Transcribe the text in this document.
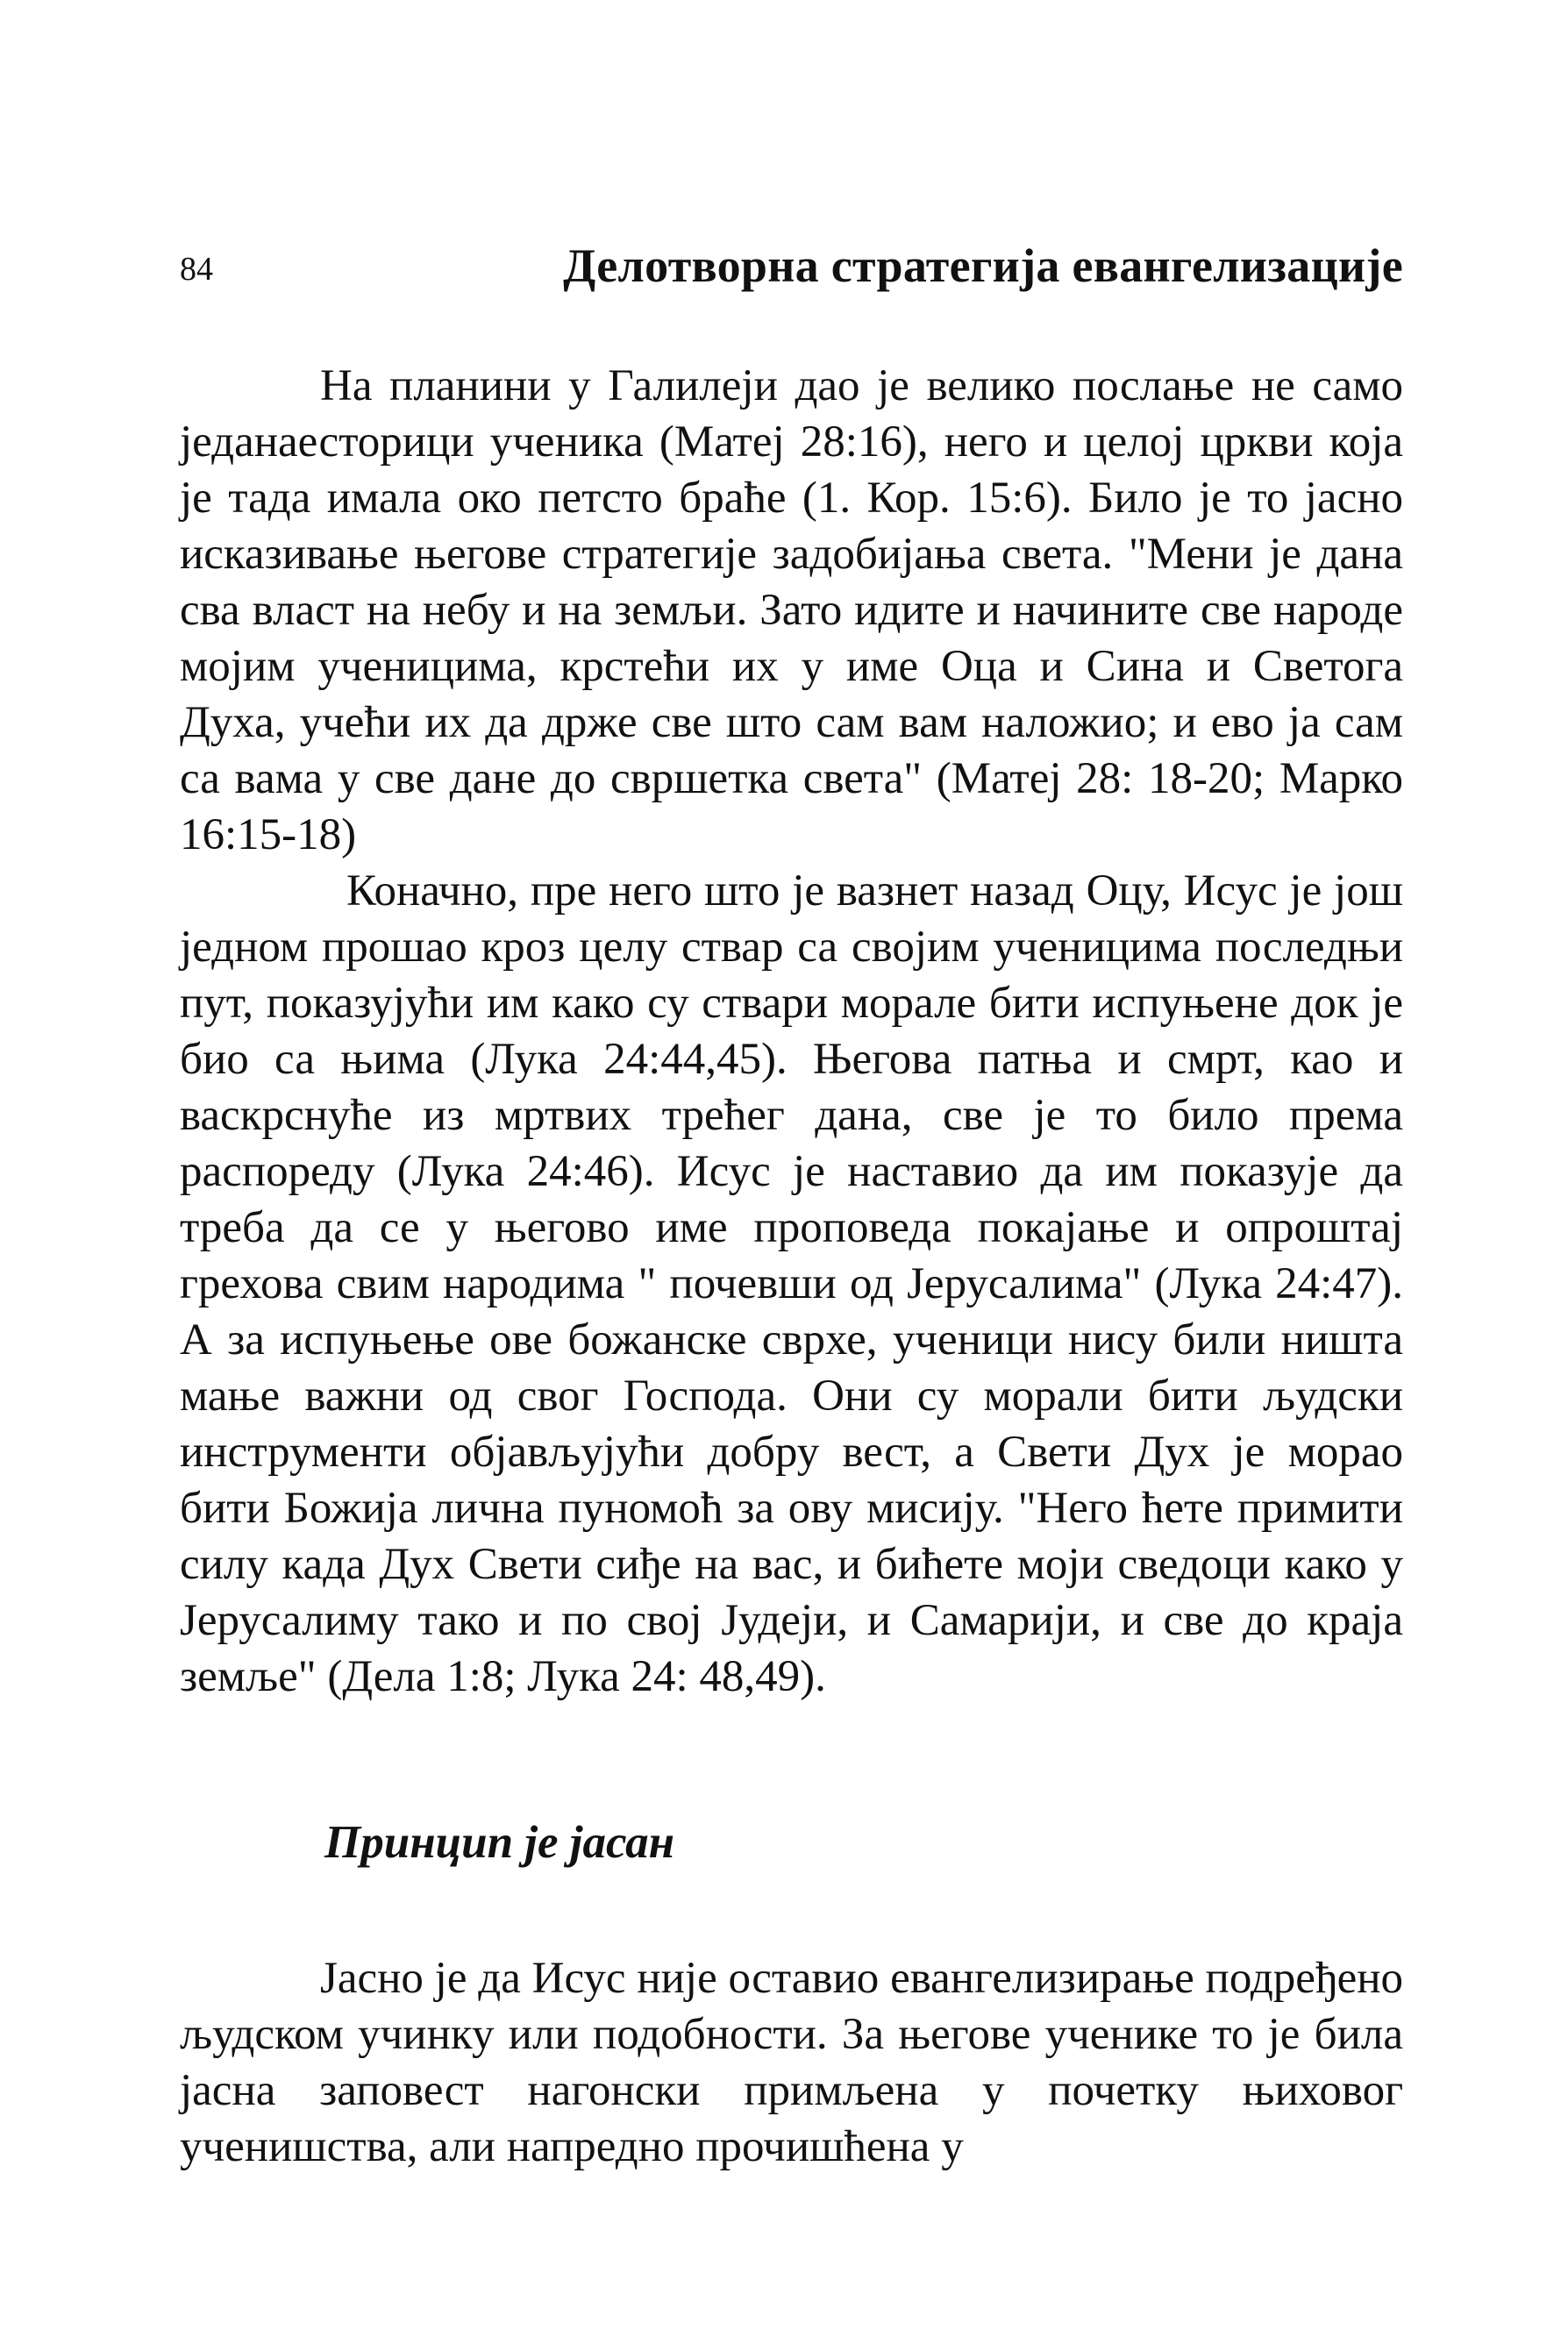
84	Делотворна стратегија евангелизације

На планини у Галилеји дао је велико послање не само једанаесторици ученика (Матеј 28:16), него и целој цркви која је тада имала око петсто браће (1. Кор. 15:6). Било је то јасно исказивање његове стратегије задобијања света. "Мени је дана сва власт на небу и на земљи. Зато идите и начините све народе мојим ученицима, крстећи их у име Оца и Сина и Светога Духа, учећи их да држе све што сам вам наложио; и ево ја сам са вама у све дане до свршетка света" (Матеј 28: 18-20; Марко 16:15-18)

Коначно, пре него што је вазнет назад Оцу, Исус је још једном прошао кроз целу ствар са својим ученицима последњи пут, показујући им како су ствари морале бити испуњене док је био са њима (Лука 24:44,45). Његова патња и смрт, као и васкрснуће из мртвих трећег дана, све је то било према распореду (Лука 24:46). Исус је наставио да им показује да треба да се у његово име проповеда покајање и опроштај грехова свим народима " почевши од Јерусалима" (Лука 24:47). А за испуњење ове божанске сврхе, ученици нису били ништа мање важни од свог Господа. Они су морали бити људски инструменти објављујући добру вест, а Свети Дух је морао бити Божија лична пуномоћ за ову мисију. "Него ћете примити силу када Дух Свети сиђе на вас, и бићете моји сведоци како у Јерусалиму тако и по свој Јудеји, и Самарији, и све до краја земље" (Дела 1:8; Лука 24: 48,49).

Принцип је јасан

Јасно је да Исус није оставио евангелизирање подређено људском учинку или подобности. За његове ученике то је била јасна заповест нагонски примљена у почетку њиховог ученишства, али напредно прочишћена у
